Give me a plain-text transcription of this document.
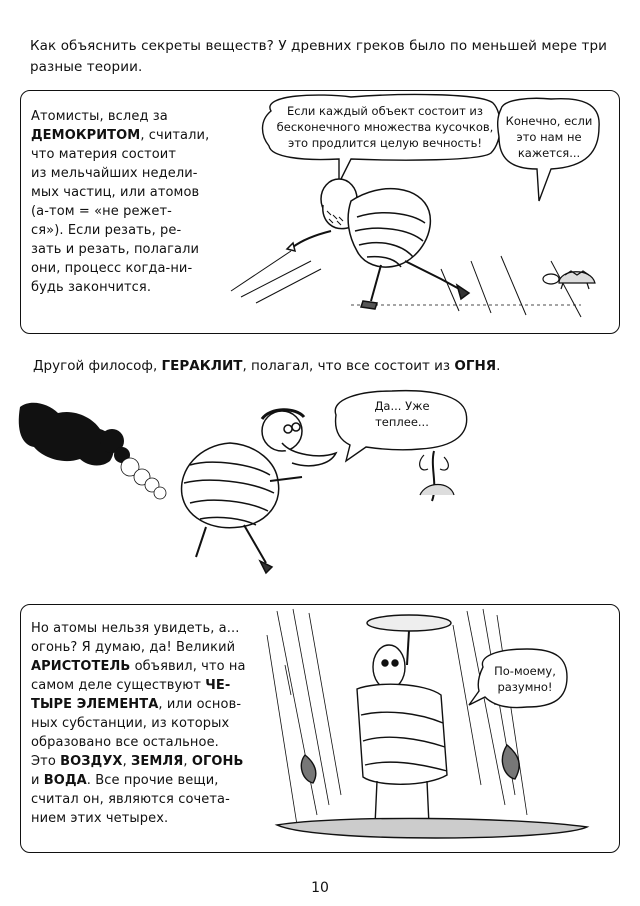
Как объяснить секреты веществ? У древних греков было по меньшей мере три
разные теории.
Атомисты, вслед за
ДЕМОКРИТОМ, считали,
что материя состоит
из мельчайших недели-
мых частиц, или атомов
(а-том = «не режет-
ся»). Если резать, ре-
зать и резать, полагали
они, процесс когда-ни-
будь закончится.
Если каждый объект состоит из
бесконечного множества кусочков,
это продлится целую вечность!
Конечно, если
это нам не
кажется...
Другой философ, ГЕРАКЛИТ, полагал, что все состоит из ОГНЯ.
Да... Уже
теплее...
Но атомы нельзя увидеть, а...
огонь? Я думаю, да! Великий
АРИСТОТЕЛЬ объявил, что на
самом деле существуют ЧЕ-
ТЫРЕ ЭЛЕМЕНТА, или основ-
ных субстанции, из которых
образовано все остальное.
Это ВОЗДУХ, ЗЕМЛЯ, ОГОНЬ
и ВОДА. Все прочие вещи,
считал он, являются сочета-
нием этих четырех.
По-моему,
разумно!
10
